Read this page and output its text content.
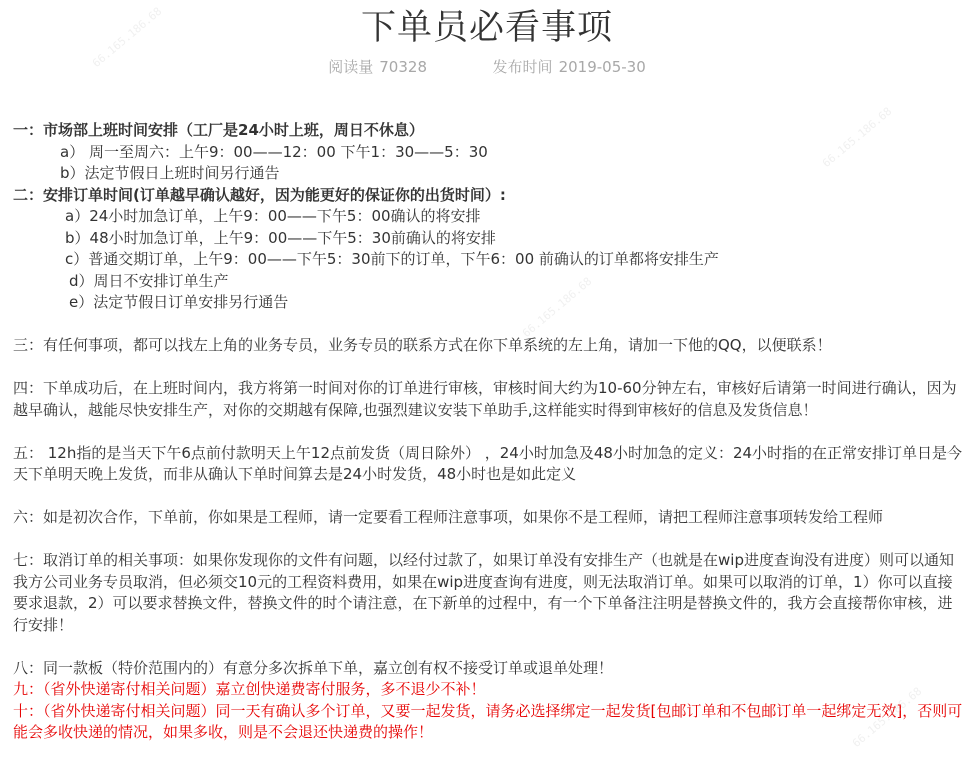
下单员必看事项
阅读量 70328	发布时间 2019-05-30
一：市场部上班时间安排（工厂是24小时上班，周日不休息）
a） 周一至周六：上午9：00——12：00 下午1：30——5：30
b）法定节假日上班时间另行通告
二：安排订单时间(订单越早确认越好，因为能更好的保证你的出货时间）:
a）24小时加急订单，上午9：00——下午5：00确认的将安排
b）48小时加急订单，上午9：00——下午5：30前确认的将安排
c）普通交期订单，上午9：00——下午5：30前下的订单，下午6：00 前确认的订单都将安排生产
d）周日不安排订单生产
e）法定节假日订单安排另行通告
三：有任何事项，都可以找左上角的业务专员，业务专员的联系方式在你下单系统的左上角，请加一下他的QQ，以便联系！
四：下单成功后，在上班时间内，我方将第一时间对你的订单进行审核，审核时间大约为10-60分钟左右，审核好后请第一时间进行确认，因为越早确认，越能尽快安排生产，对你的交期越有保障,也强烈建议安装下单助手,这样能实时得到审核好的信息及发货信息！
五： 12h指的是当天下午6点前付款明天上午12点前发货（周日除外） ，24小时加急及48小时加急的定义：24小时指的在正常安排订单日是今天下单明天晚上发货，而非从确认下单时间算去是24小时发货，48小时也是如此定义
六：如是初次合作，下单前，你如果是工程师，请一定要看工程师注意事项，如果你不是工程师，请把工程师注意事项转发给工程师
七：取消订单的相关事项：如果你发现你的文件有问题，以经付过款了，如果订单没有安排生产（也就是在wip进度查询没有进度）则可以通知我方公司业务专员取消，但必须交10元的工程资料费用，如果在wip进度查询有进度，则无法取消订单。如果可以取消的订单，1）你可以直接要求退款，2）可以要求替换文件，替换文件的时个请注意，在下新单的过程中，有一个下单备注注明是替换文件的，我方会直接帮你审核，进行安排！
八：同一款板（特价范围内的）有意分多次拆单下单，嘉立创有权不接受订单或退单处理！
九：（省外快递寄付相关问题）嘉立创快递费寄付服务，多不退少不补！
十：（省外快递寄付相关问题）同一天有确认多个订单，又要一起发货，请务必选择绑定一起发货[包邮订单和不包邮订单一起绑定无效]，否则可能会多收快递的情况，如果多收，则是不会退还快递费的操作！
66.165.186.68
66.165.186.68
66.165.186.68
66.165.186.68
